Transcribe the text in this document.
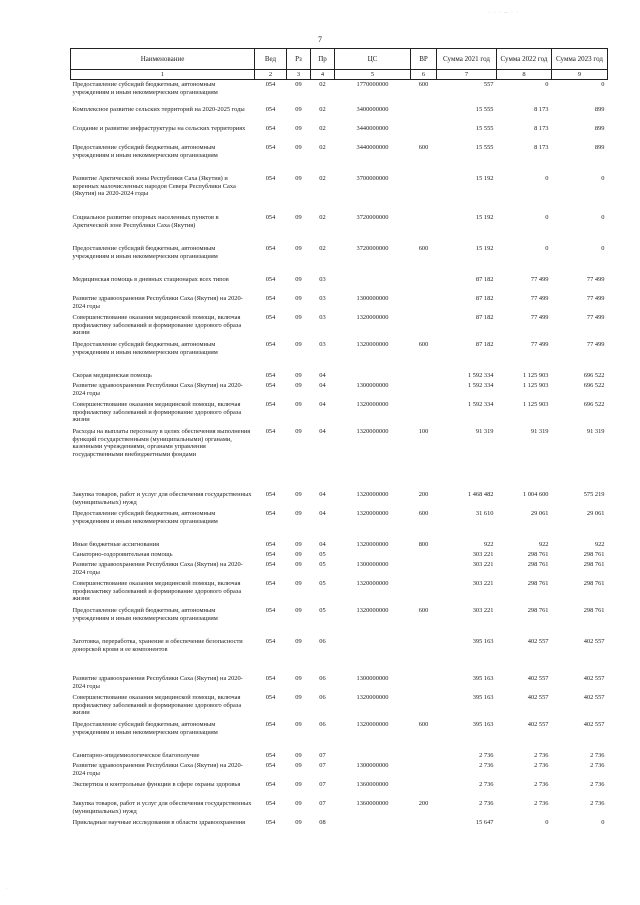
· · · ‒ · ·
7
·
·
Наименование	Вед	Рз	Пр	ЦС	ВР	Сумма 2021 год	Сумма 2022 год	Сумма 2023 год
1	2	3	4	5	6	7	8	9
Предоставление субсидий бюджетным, автономным учреждениям и иным некоммерческим организациям	054	09	02	1770000000	600	557	0	0
Комплексное развитие сельских территорий на 2020-2025 годы	054	09	02	3400000000		15 555	8 173	899
Создание и развитие инфраструктуры на сельских территориях	054	09	02	3440000000		15 555	8 173	899
Предоставление субсидий бюджетным, автономным учреждениям и иным некоммерческим организациям	054	09	02	3440000000	600	15 555	8 173	899
Развитие Арктической зоны Республики Саха (Якутия) и коренных малочисленных народов Севера Республики Саха (Якутия) на 2020-2024 годы	054	09	02	3700000000		15 192	0	0
Социальное развитие опорных населенных пунктов в Арктической зоне Республики Саха (Якутия)	054	09	02	3720000000		15 192	0	0
Предоставление субсидий бюджетным, автономным учреждениям и иным некоммерческим организациям	054	09	02	3720000000	600	15 192	0	0
Медицинская помощь в дневных стационарах всех типов	054	09	03			87 182	77 499	77 499
Развитие здравоохранения Республики Саха (Якутия) на 2020-2024 годы	054	09	03	1300000000		87 182	77 499	77 499
Совершенствование оказания медицинской помощи, включая профилактику заболеваний и формирование здорового образа жизни	054	09	03	1320000000		87 182	77 499	77 499
Предоставление субсидий бюджетным, автономным учреждениям и иным некоммерческим организациям	054	09	03	1320000000	600	87 182	77 499	77 499
Скорая медицинская помощь	054	09	04			1 592 334	1 125 903	696 522
Развитие здравоохранения Республики Саха (Якутия) на 2020-2024 годы	054	09	04	1300000000		1 592 334	1 125 903	696 522
Совершенствование оказания медицинской помощи, включая профилактику заболеваний и формирование здорового образа жизни	054	09	04	1320000000		1 592 334	1 125 903	696 522
Расходы на выплаты персоналу в целях обеспечения выполнения функций государственными (муниципальными) органами, казенными учреждениями, органами управления государственными внебюджетными фондами	054	09	04	1320000000	100	91 319	91 319	91 319
Закупка товаров, работ и услуг для обеспечения государственных (муниципальных) нужд	054	09	04	1320000000	200	1 468 482	1 004 600	575 219
Предоставление субсидий бюджетным, автономным учреждениям и иным некоммерческим организациям	054	09	04	1320000000	600	31 610	29 061	29 061
Иные бюджетные ассигнования	054	09	04	1320000000	800	922	922	922
Санаторно-оздоровительная помощь	054	09	05			303 221	298 761	298 761
Развитие здравоохранения Республики Саха (Якутия) на 2020-2024 годы	054	09	05	1300000000		303 221	298 761	298 761
Совершенствование оказания медицинской помощи, включая профилактику заболеваний и формирование здорового образа жизни	054	09	05	1320000000		303 221	298 761	298 761
Предоставление субсидий бюджетным, автономным учреждениям и иным некоммерческим организациям	054	09	05	1320000000	600	303 221	298 761	298 761
Заготовка, переработка, хранение и обеспечение безопасности донорской крови и ее компонентов	054	09	06			395 163	402 557	402 557
Развитие здравоохранения Республики Саха (Якутия) на 2020-2024 годы	054	09	06	1300000000		395 163	402 557	402 557
Совершенствование оказания медицинской помощи, включая профилактику заболеваний и формирование здорового образа жизни	054	09	06	1320000000		395 163	402 557	402 557
Предоставление субсидий бюджетным, автономным учреждениям и иным некоммерческим организациям	054	09	06	1320000000	600	395 163	402 557	402 557
Санитарно-эпидемиологическое благополучие	054	09	07			2 736	2 736	2 736
Развитие здравоохранения Республики Саха (Якутия) на 2020-2024 годы	054	09	07	1300000000		2 736	2 736	2 736
Экспертиза и контрольные функции в сфере охраны здоровья	054	09	07	1360000000		2 736	2 736	2 736
Закупка товаров, работ и услуг для обеспечения государственных (муниципальных) нужд	054	09	07	1360000000	200	2 736	2 736	2 736
Прикладные научные исследования в области здравоохранения	054	09	08			15 647	0	0
